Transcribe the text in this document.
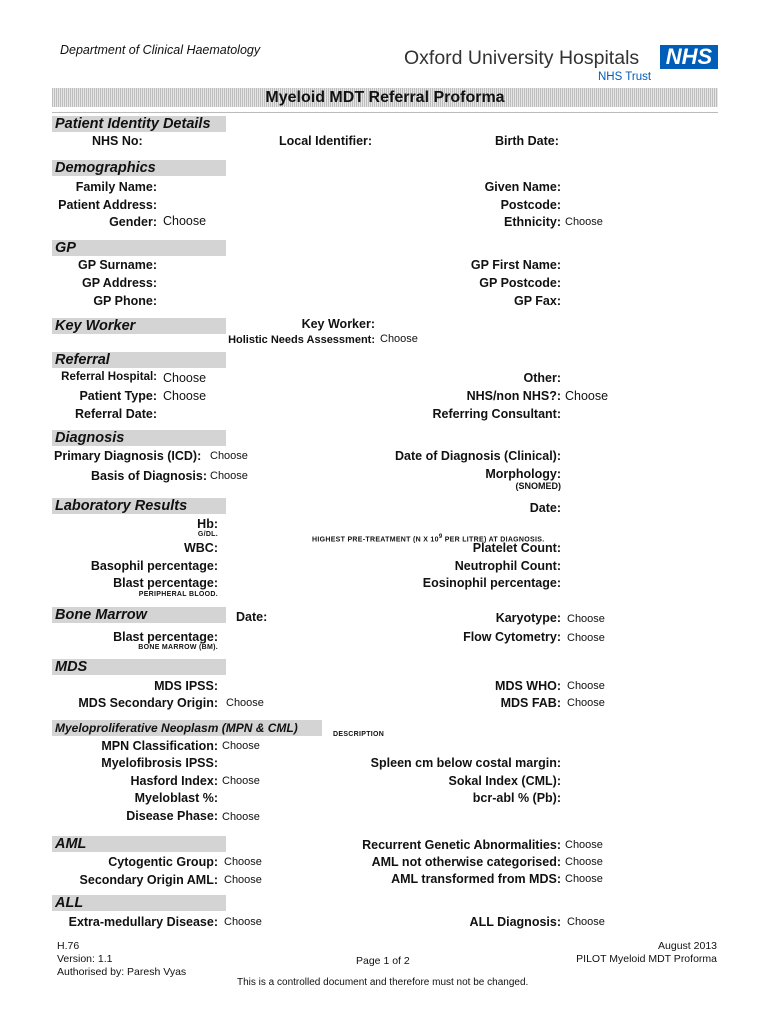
Department of Clinical Haematology	Oxford University Hospitals NHS
NHS Trust
Myeloid MDT Referral Proforma
Patient Identity Details
NHS No:	Local Identifier:	Birth Date:
Demographics
Family Name:	Given Name:
Patient Address:	Postcode:
Gender: Choose	Ethnicity: Choose
GP
GP Surname:	GP First Name:
GP Address:	GP Postcode:
GP Phone:	GP Fax:
Key Worker	Key Worker:
Holistic Needs Assessment: Choose
Referral
Referral Hospital: Choose	Other:
Patient Type: Choose	NHS/non NHS?: Choose
Referral Date:	Referring Consultant:
Diagnosis
Primary Diagnosis (ICD): Choose	Date of Diagnosis (Clinical):
Basis of Diagnosis: Choose	Morphology:
(SNOMED)
Laboratory Results	Date:
Hb:
G/DL.
HIGHEST PRE-TREATMENT (N X $10^9$ PER LITRE) AT DIAGNOSIS.
WBC:	Platelet Count:
Basophil percentage:	Neutrophil Count:
Blast percentage:	Eosinophil percentage:
PERIPHERAL BLOOD.
Bone Marrow	Date:	Karyotype: Choose
Blast percentage:	Flow Cytometry: Choose
BONE MARROW (BM).
MDS
MDS IPSS:	MDS WHO: Choose
MDS Secondary Origin: Choose	MDS FAB: Choose
Myeloproliferative Neoplasm (MPN & CML)	DESCRIPTION
MPN Classification: Choose
Myelofibrosis IPSS:	Spleen cm below costal margin:
Hasford Index: Choose	Sokal Index (CML):
Myeloblast %:	bcr-abl % (Pb):
Disease Phase: Choose
AML	Recurrent Genetic Abnormalities: Choose
Cytogentic Group: Choose	AML not otherwise categorised: Choose
Secondary Origin AML: Choose	AML transformed from MDS: Choose
ALL
Extra-medullary Disease: Choose	ALL Diagnosis: Choose
H.76
Version: 1.1
Authorised by: Paresh Vyas
Page 1 of 2
August 2013
PILOT Myeloid MDT Proforma
This is a controlled document and therefore must not be changed.
